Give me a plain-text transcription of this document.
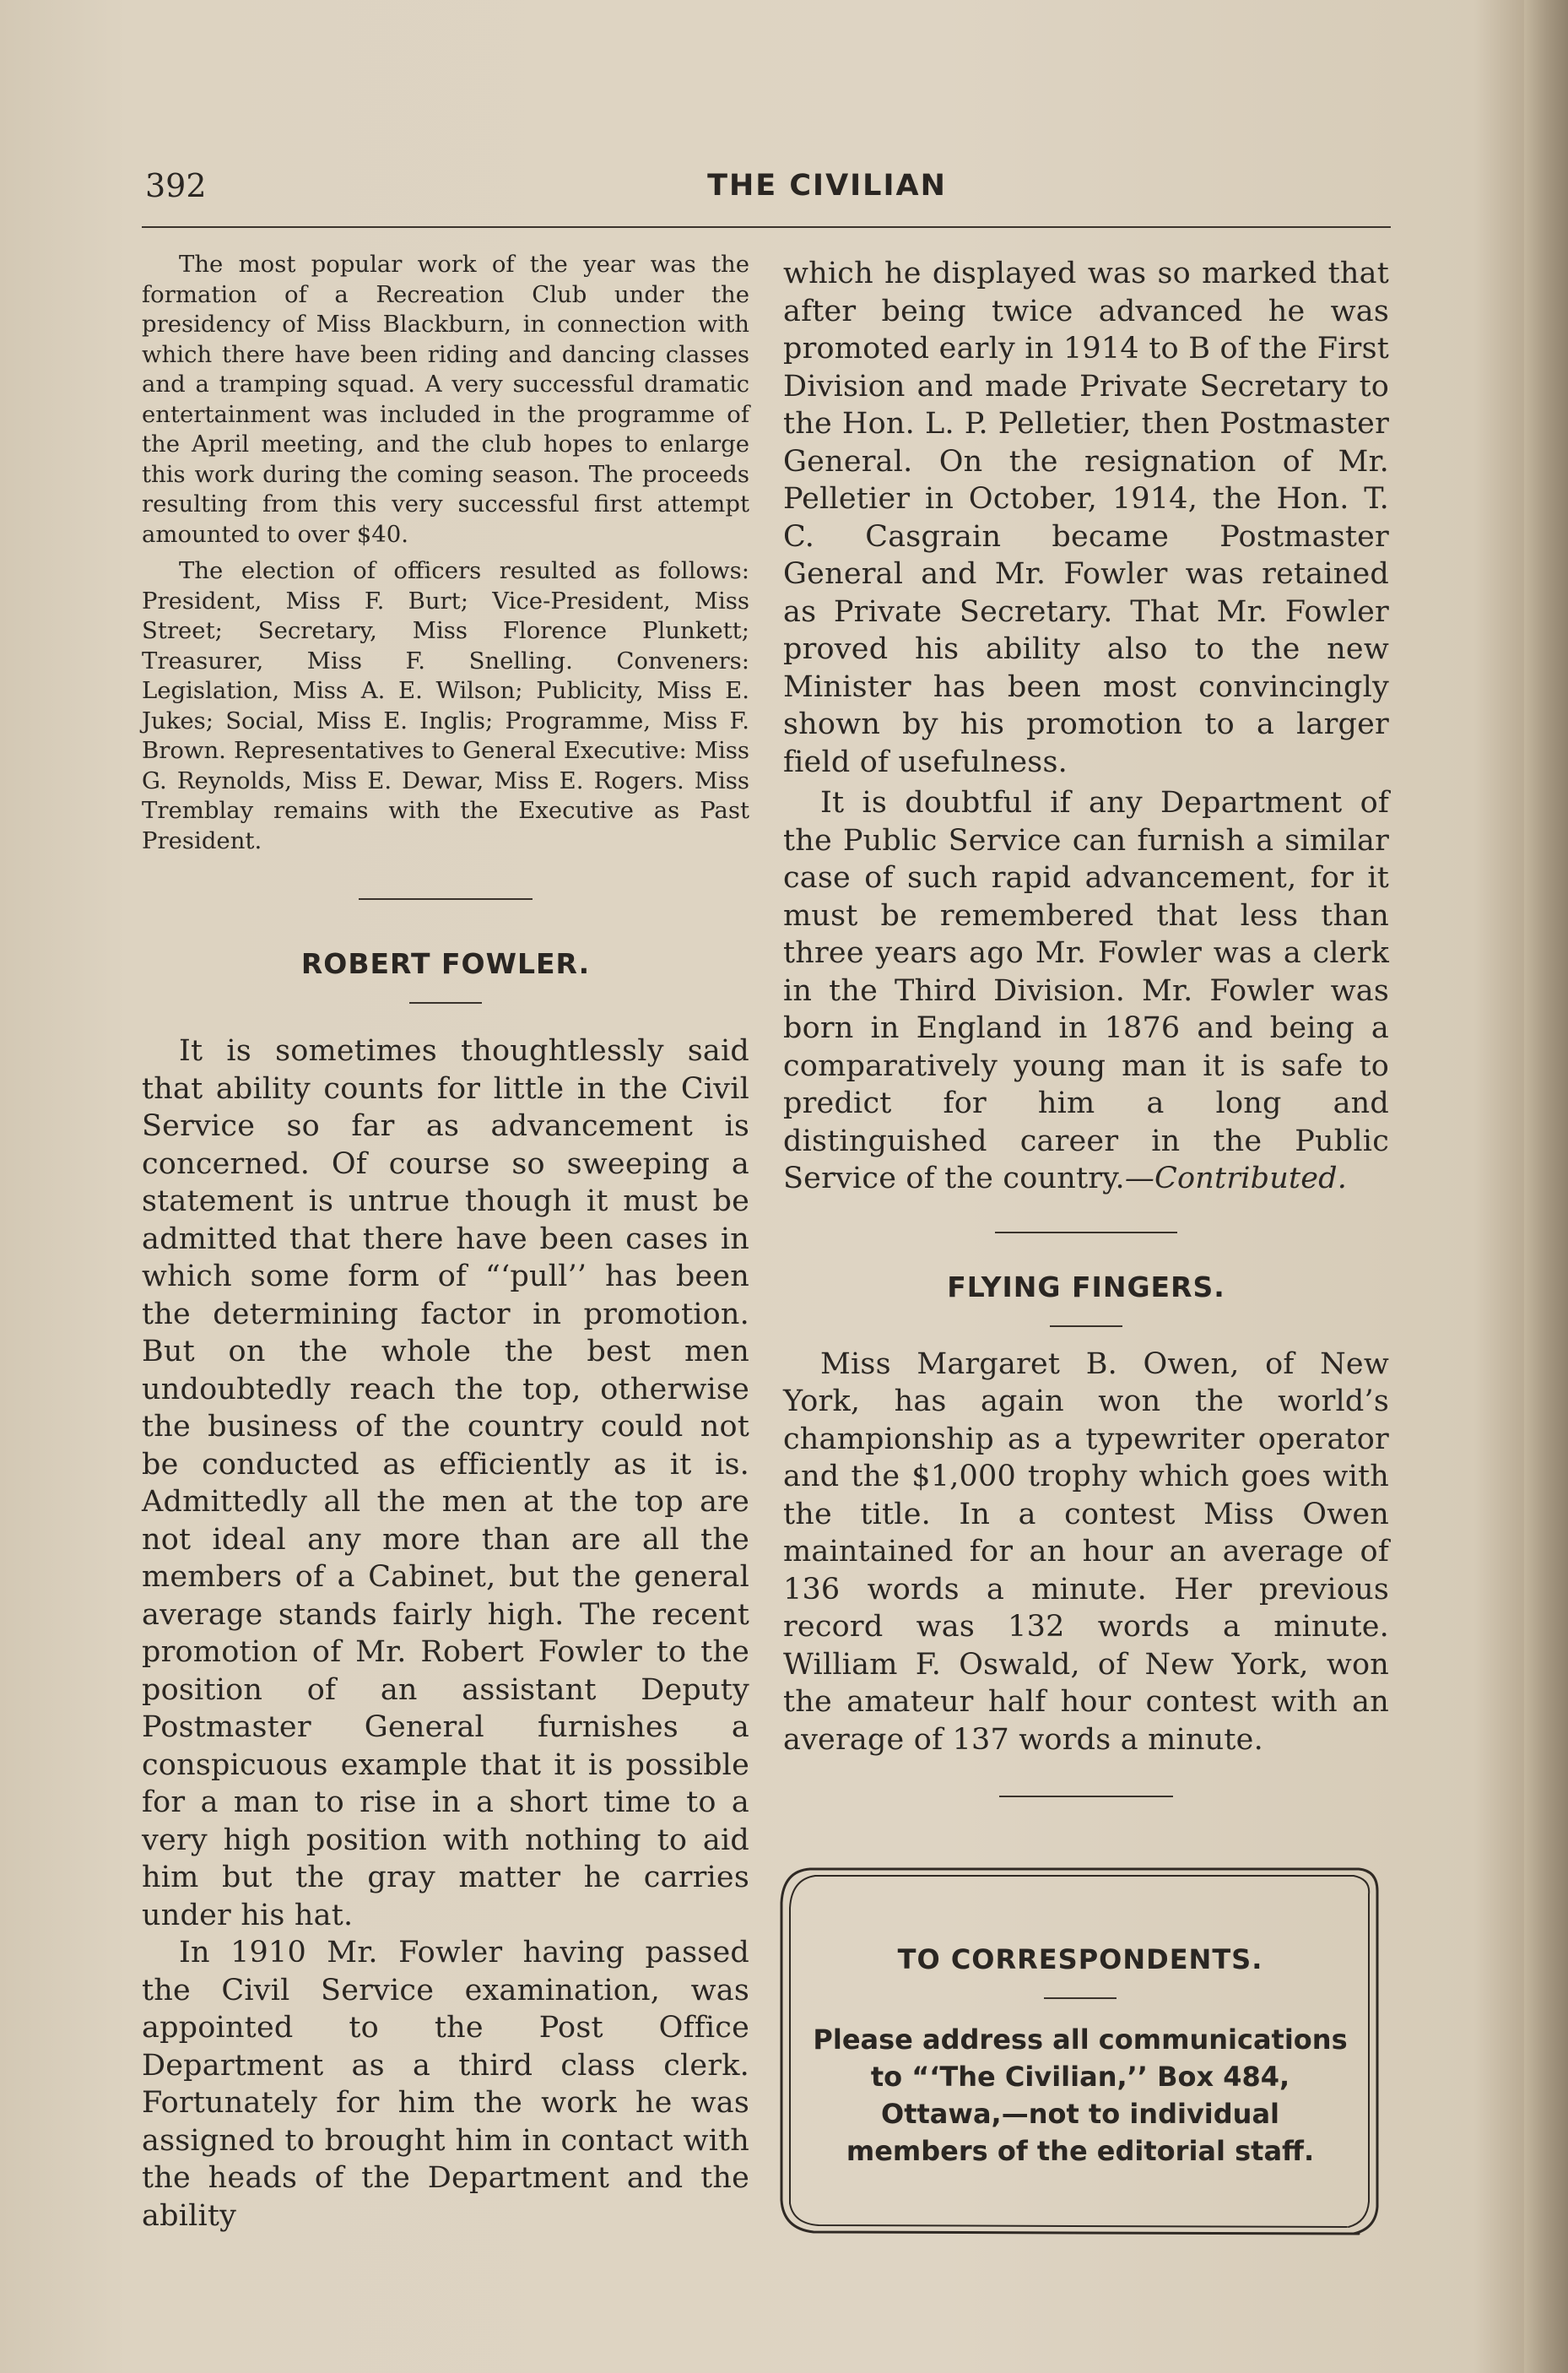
392	THE CIVILIAN

The most popular work of the year was the formation of a Recreation Club under the presidency of Miss Blackburn, in connection with which there have been riding and dancing classes and a tramping squad. A very successful dramatic entertainment was included in the programme of the April meeting, and the club hopes to enlarge this work during the coming season. The proceeds resulting from this very successful first attempt amounted to over $40.

The election of officers resulted as follows: President, Miss F. Burt; Vice-President, Miss Street; Secretary, Miss Florence Plunkett; Treasurer, Miss F. Snelling. Conveners: Legislation, Miss A. E. Wilson; Publicity, Miss E. Jukes; Social, Miss E. Inglis; Programme, Miss F. Brown. Representatives to General Executive: Miss G. Reynolds, Miss E. Dewar, Miss E. Rogers. Miss Tremblay remains with the Executive as Past President.

ROBERT FOWLER.

It is sometimes thoughtlessly said that ability counts for little in the Civil Service so far as advancement is concerned. Of course so sweeping a statement is untrue though it must be admitted that there have been cases in which some form of “‘pull’’ has been the determining factor in promotion. But on the whole the best men undoubtedly reach the top, otherwise the business of the country could not be conducted as efficiently as it is. Admittedly all the men at the top are not ideal any more than are all the members of a Cabinet, but the general average stands fairly high. The recent promotion of Mr. Robert Fowler to the position of an assistant Deputy Postmaster General furnishes a conspicuous example that it is possible for a man to rise in a short time to a very high position with nothing to aid him but the gray matter he carries under his hat.

In 1910 Mr. Fowler having passed the Civil Service examination, was appointed to the Post Office Department as a third class clerk. Fortunately for him the work he was assigned to brought him in contact with the heads of the Department and the ability

which he displayed was so marked that after being twice advanced he was promoted early in 1914 to B of the First Division and made Private Secretary to the Hon. L. P. Pelletier, then Postmaster General. On the resignation of Mr. Pelletier in October, 1914, the Hon. T. C. Casgrain became Postmaster General and Mr. Fowler was retained as Private Secretary. That Mr. Fowler proved his ability also to the new Minister has been most convincingly shown by his promotion to a larger field of usefulness.

It is doubtful if any Department of the Public Service can furnish a similar case of such rapid advancement, for it must be remembered that less than three years ago Mr. Fowler was a clerk in the Third Division. Mr. Fowler was born in England in 1876 and being a comparatively young man it is safe to predict for him a long and distinguished career in the Public Service of the country.—Contributed.

FLYING FINGERS.

Miss Margaret B. Owen, of New York, has again won the world’s championship as a typewriter operator and the $1,000 trophy which goes with the title. In a contest Miss Owen maintained for an hour an average of 136 words a minute. Her previous record was 132 words a minute. William F. Oswald, of New York, won the amateur half hour contest with an average of 137 words a minute.

TO CORRESPONDENTS.
Please address all communications to “‘The Civilian,’’ Box 484, Ottawa,—not to individual members of the editorial staff.
